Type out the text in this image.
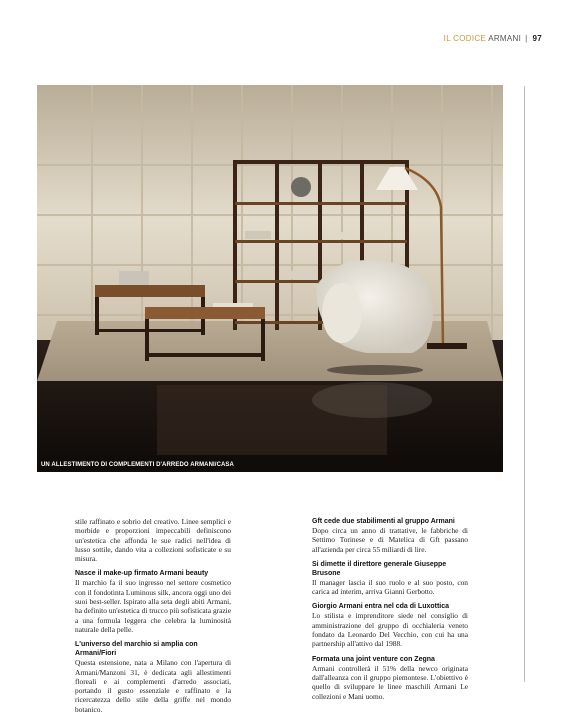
IL CODICE ARMANI | 97
UN ALLESTIMENTO DI COMPLEMENTI D'ARREDO ARMANI/CASA

stile raffinato e sobrio del creativo. Linee semplici e morbide e proporzioni impeccabili definiscono un'estetica che affonda le sue radici nell'idea di lusso sottile, dando vita a collezioni sofisticate e su misura.

Nasce il make-up firmato Armani beauty

Il marchio fa il suo ingresso nel settore cosmetico con il fondotinta Luminous silk, ancora oggi uno dei suoi best-seller. Ispirato alla seta degli abiti Armani, ha definito un'estetica di trucco più sofisticata grazie a una formula leggera che celebra la luminosità naturale della pelle.

L'universo del marchio si amplia con Armani/Fiori

Questa estensione, nata a Milano con l'apertura di Armani/Manzoni 31, è dedicata agli allestimenti floreali e ai complementi d'arredo associati, portando il gusto essenziale e raffinato e la ricercatezza dello stile della griffe nel mondo botanico.

Gft cede due stabilimenti al gruppo Armani

Dopo circa un anno di trattative, le fabbriche di Settimo Torinese e di Matelica di Gft passano all'azienda per circa 55 miliardi di lire.

Si dimette il direttore generale Giuseppe Brusone

Il manager lascia il suo ruolo e al suo posto, con carica ad interim, arriva Gianni Gerbotto.

Giorgio Armani entra nel cda di Luxottica

Lo stilista e imprenditore siede nel consiglio di amministrazione del gruppo di occhialeria veneto fondato da Leonardo Del Vecchio, con cui ha una partnership all'attivo dal 1988.

Formata una joint venture con Zegna

Armani controllerà il 51% della newco originata dall'alleanza con il gruppo piemontese. L'obiettivo è quello di sviluppare le linee maschili Armani Le collezioni e Mani uomo.
